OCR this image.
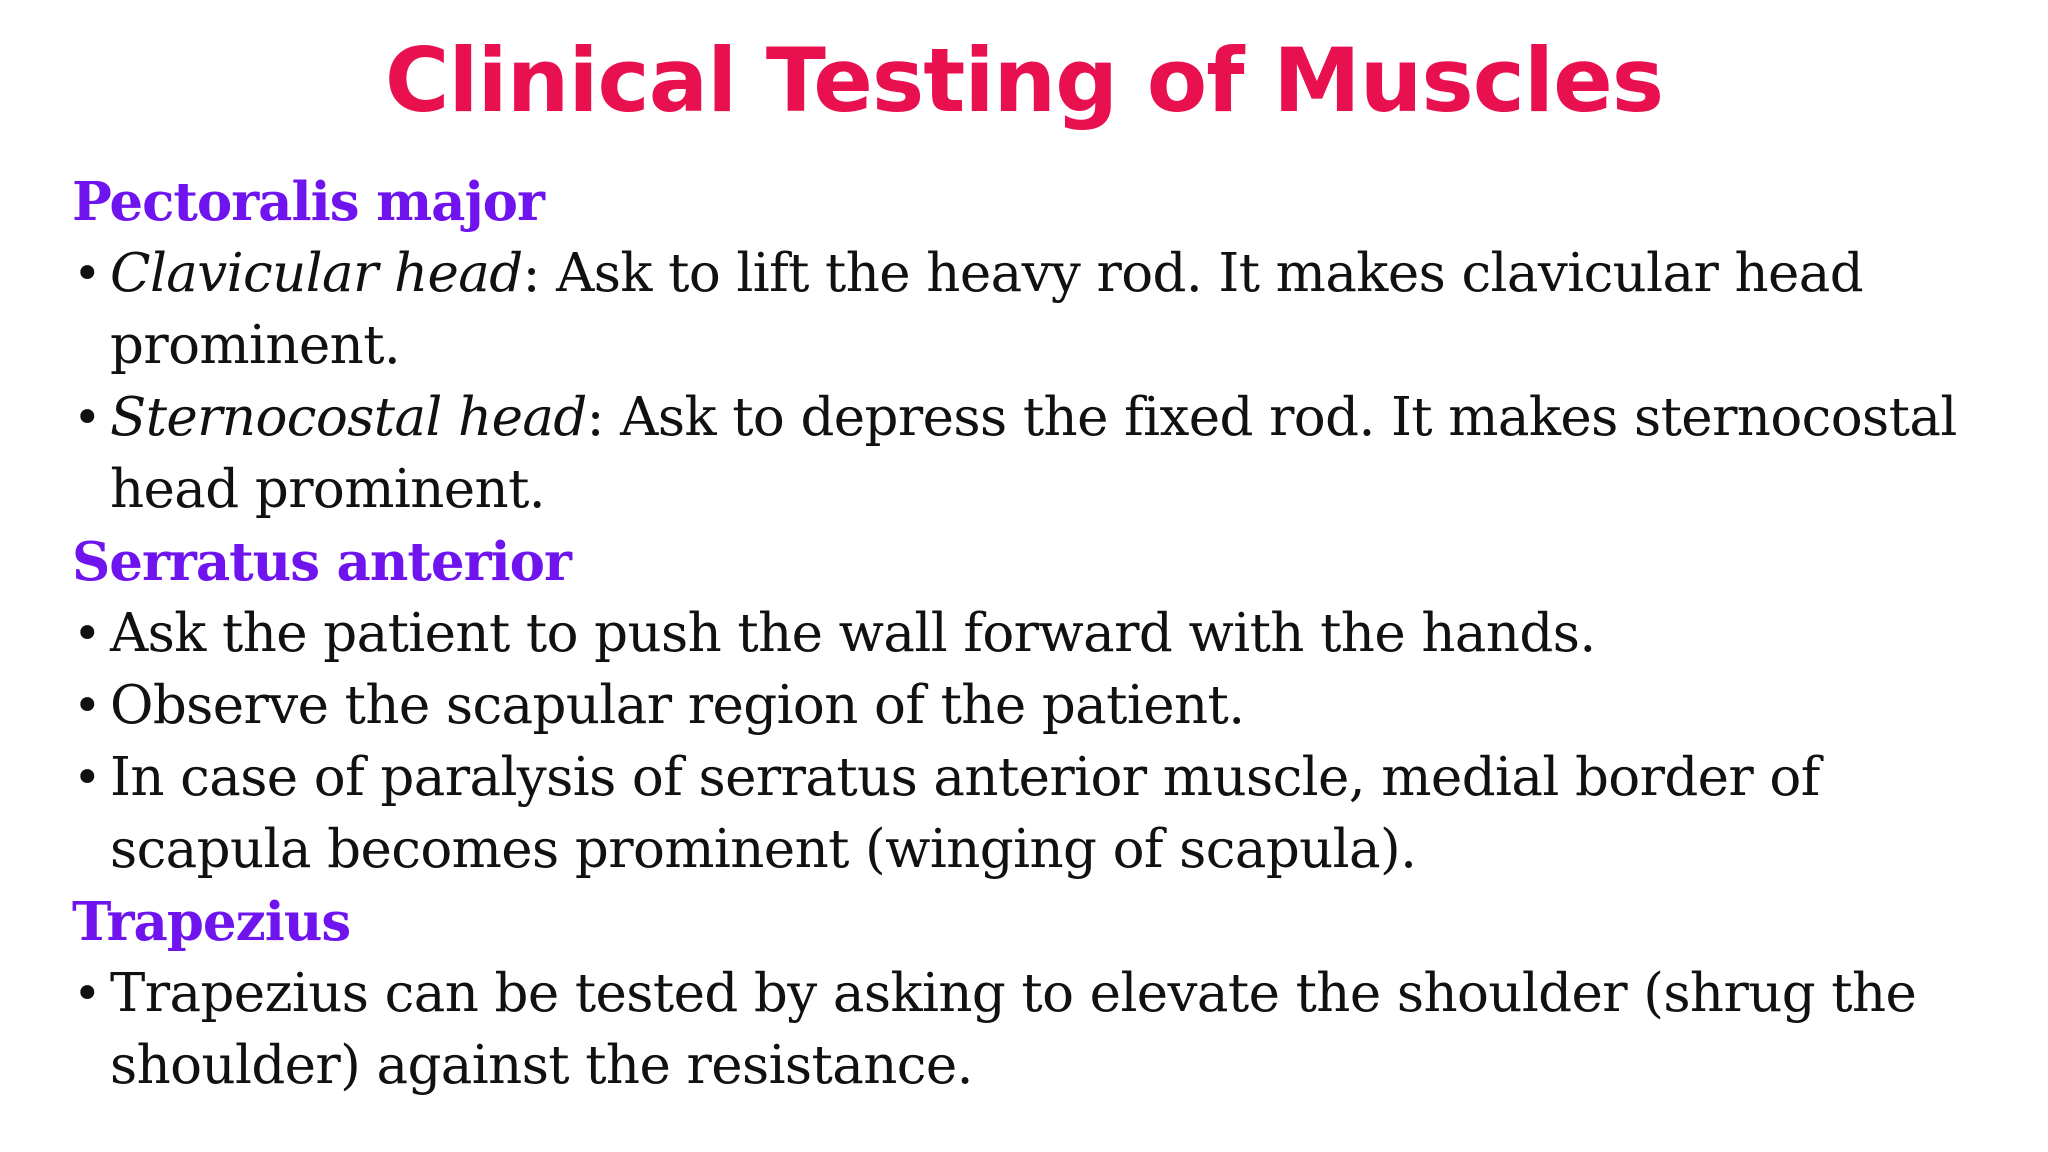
Clinical Testing of Muscles
Pectoralis major
• Clavicular head: Ask to lift the heavy rod. It makes clavicular head prominent.
• Sternocostal head: Ask to depress the fixed rod. It makes sternocostal head prominent.
Serratus anterior
• Ask the patient to push the wall forward with the hands.
• Observe the scapular region of the patient.
• In case of paralysis of serratus anterior muscle, medial border of scapula becomes prominent (winging of scapula).
Trapezius
• Trapezius can be tested by asking to elevate the shoulder (shrug the shoulder) against the resistance.
